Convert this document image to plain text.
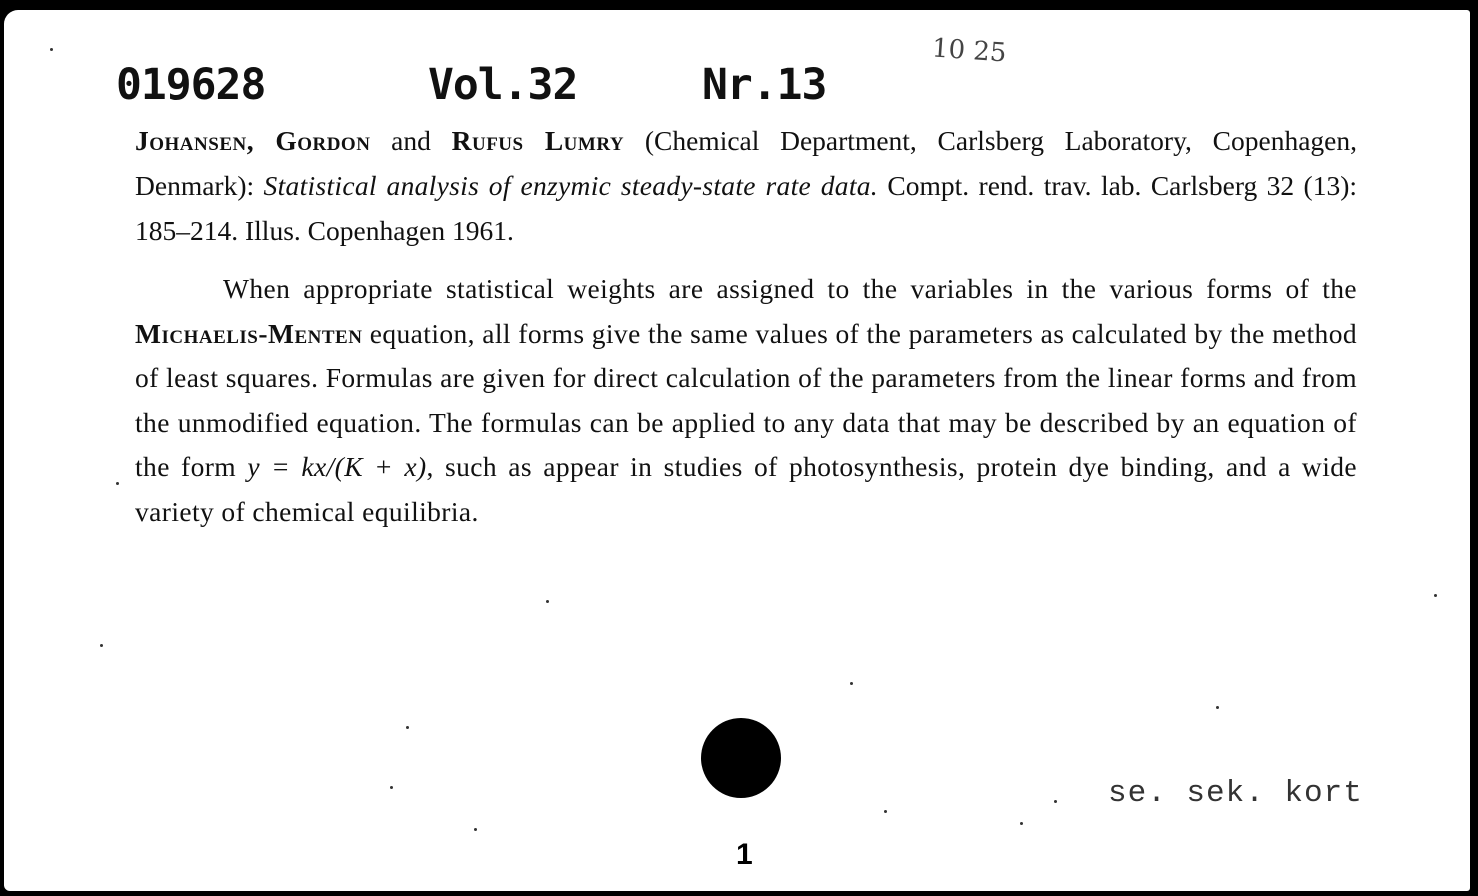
019628	Vol.32	Nr.13
10 25
Johansen, Gordon and Rufus Lumry (Chemical Department, Carlsberg Laboratory, Copenhagen, Denmark): Statistical analysis of enzymic steady-state rate data. Compt. rend. trav. lab. Carlsberg 32 (13): 185–214. Illus. Copenhagen 1961.
When appropriate statistical weights are assigned to the variables in the various forms of the Michaelis-Menten equation, all forms give the same values of the parameters as calculated by the method of least squares. Formulas are given for direct calculation of the parameters from the linear forms and from the unmodified equation. The formulas can be applied to any data that may be described by an equation of the form y = kx/(K + x), such as appear in studies of photosynthesis, protein dye binding, and a wide variety of chemical equilibria.
se. sek. kort
1
